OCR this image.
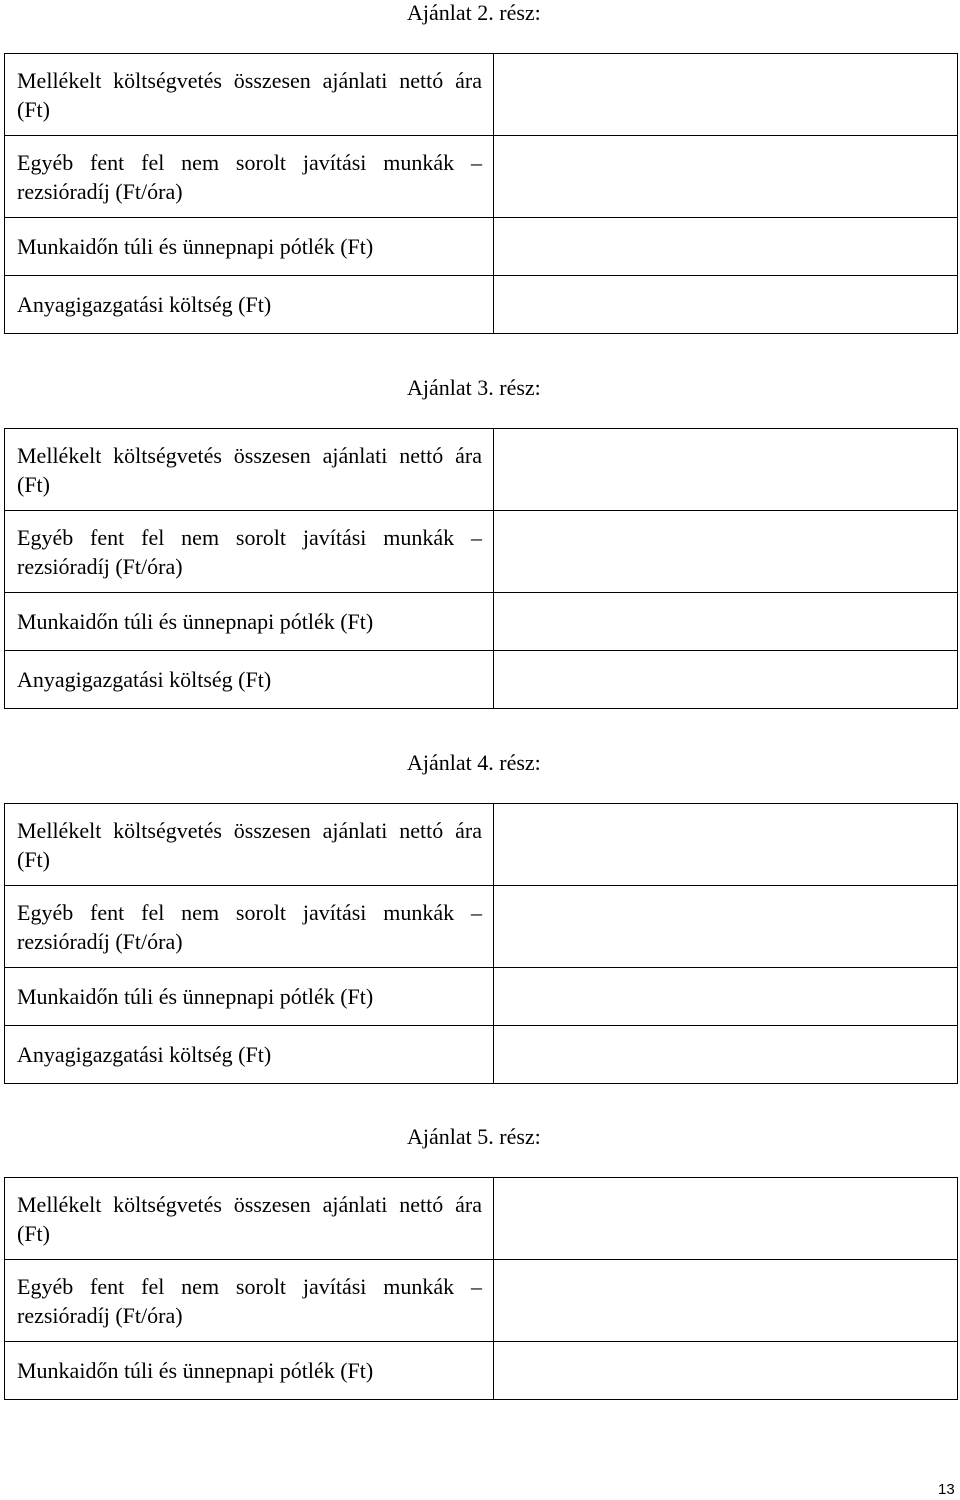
Ajánlat 2. rész:
Mellékelt költségvetés összesen ajánlati nettó ára (Ft)	
Egyéb fent fel nem sorolt javítási munkák – rezsióradíj (Ft/óra)	
Munkaidőn túli és ünnepnapi pótlék (Ft)	
Anyagigazgatási költség (Ft)	
Ajánlat 3. rész:
Mellékelt költségvetés összesen ajánlati nettó ára (Ft)	
Egyéb fent fel nem sorolt javítási munkák – rezsióradíj (Ft/óra)	
Munkaidőn túli és ünnepnapi pótlék (Ft)	
Anyagigazgatási költség (Ft)	
Ajánlat 4. rész:
Mellékelt költségvetés összesen ajánlati nettó ára (Ft)	
Egyéb fent fel nem sorolt javítási munkák – rezsióradíj (Ft/óra)	
Munkaidőn túli és ünnepnapi pótlék (Ft)	
Anyagigazgatási költség (Ft)	
Ajánlat 5. rész:
Mellékelt költségvetés összesen ajánlati nettó ára (Ft)	
Egyéb fent fel nem sorolt javítási munkák – rezsióradíj (Ft/óra)	
Munkaidőn túli és ünnepnapi pótlék (Ft)	
13
